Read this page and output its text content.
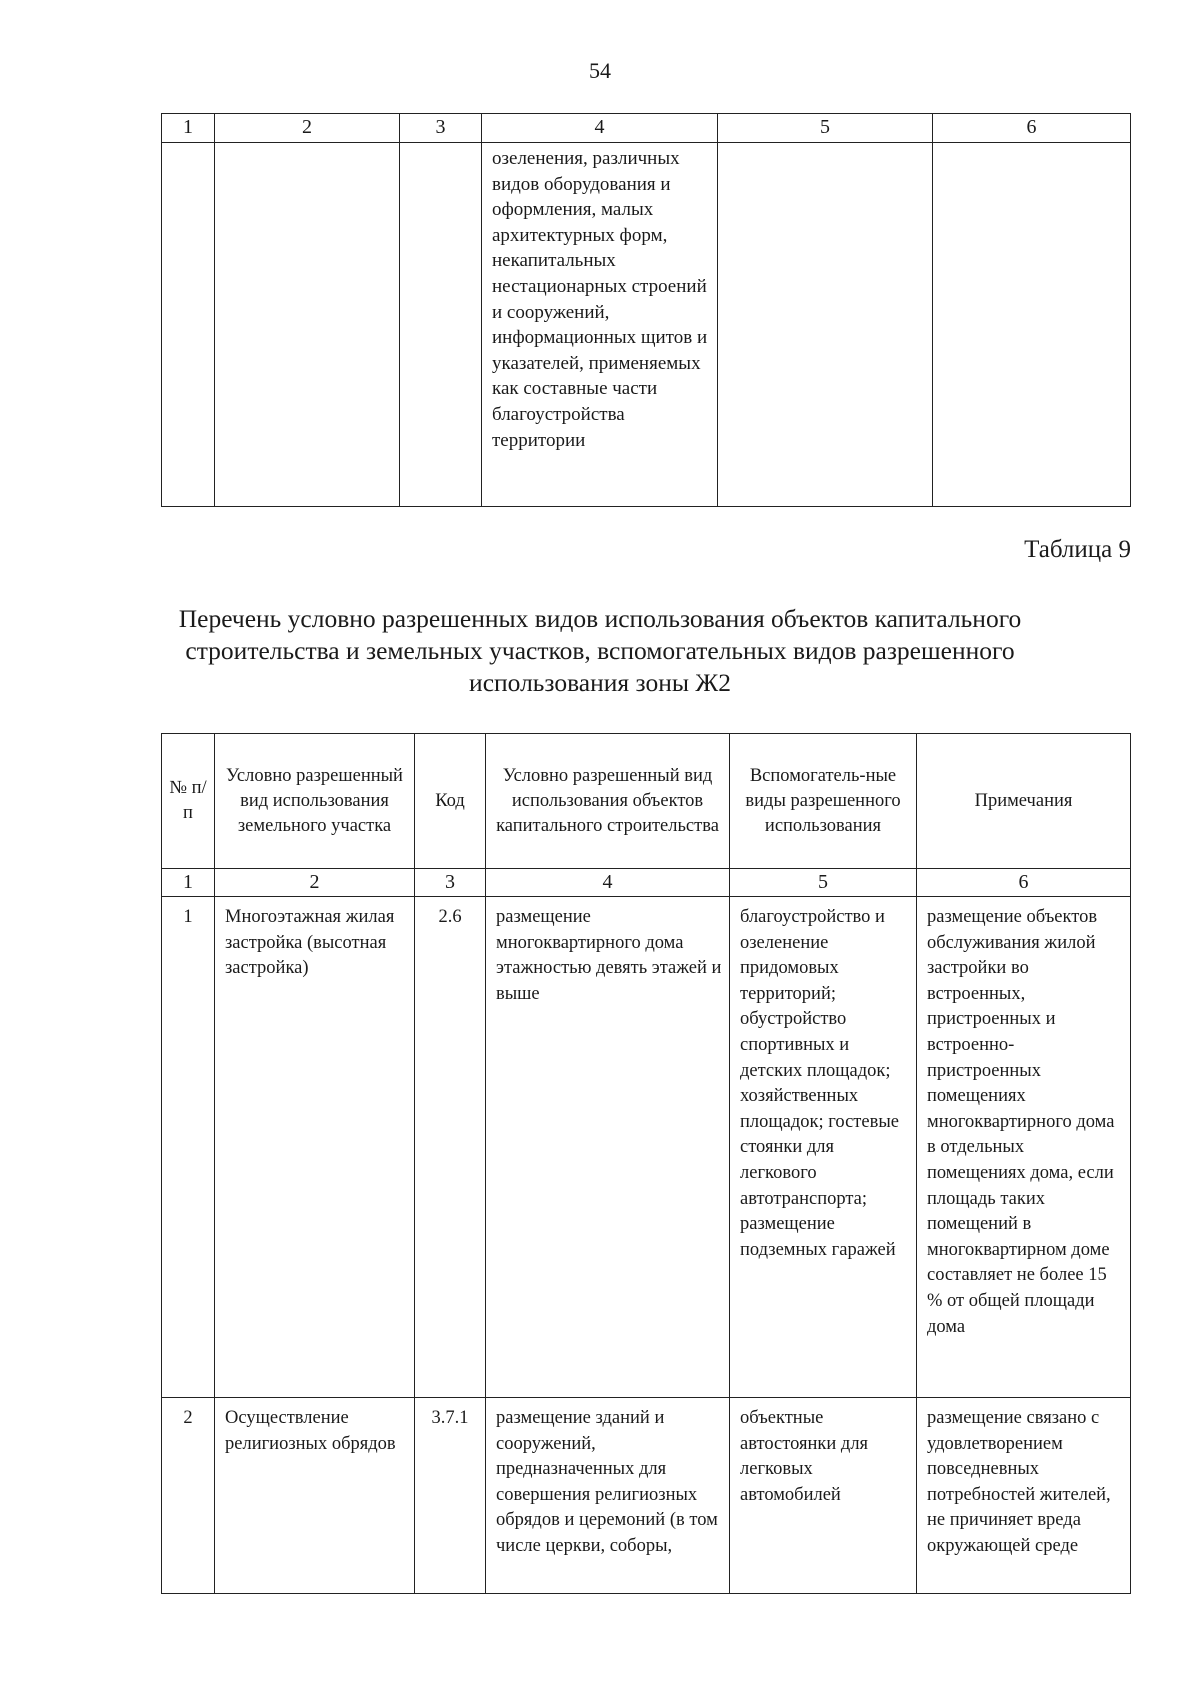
54
1	2	3	4	5	6
			озеленения, различных видов оборудования и оформления, малых архитектурных форм, некапитальных нестационарных строений и сооружений, информационных щитов и указателей, применяемых как составные части благоустройства территории		
Таблица 9
Перечень условно разрешенных видов использования объектов капитального строительства и земельных участков, вспомогательных видов разрешенного использования зоны Ж2
№ п/п	Условно разрешенный вид использования земельного участка	Код	Условно разрешенный вид использования объектов капитального строительства	Вспомогатель-ные виды разрешенного использования	Примечания
1	2	3	4	5	6
1	Многоэтажная жилая застройка (высотная застройка)	2.6	размещение многоквартирного дома этажностью девять этажей и выше	благоустройство и озеленение придомовых территорий; обустройство спортивных и детских площадок; хозяйственных площадок; гостевые стоянки для легкового автотранспорта; размещение подземных гаражей	размещение объектов обслуживания жилой застройки во встроенных, пристроенных и встроенно-пристроенных помещениях многоквартирного дома в отдельных помещениях дома, если площадь таких помещений в многоквартирном доме составляет не более 15 % от общей площади дома
2	Осуществление религиозных обрядов	3.7.1	размещение зданий и сооружений, предназначенных для совершения религиозных обрядов и церемоний (в том числе церкви, соборы,	объектные автостоянки для легковых автомобилей	размещение связано с удовлетворением повседневных потребностей жителей, не причиняет вреда окружающей среде
